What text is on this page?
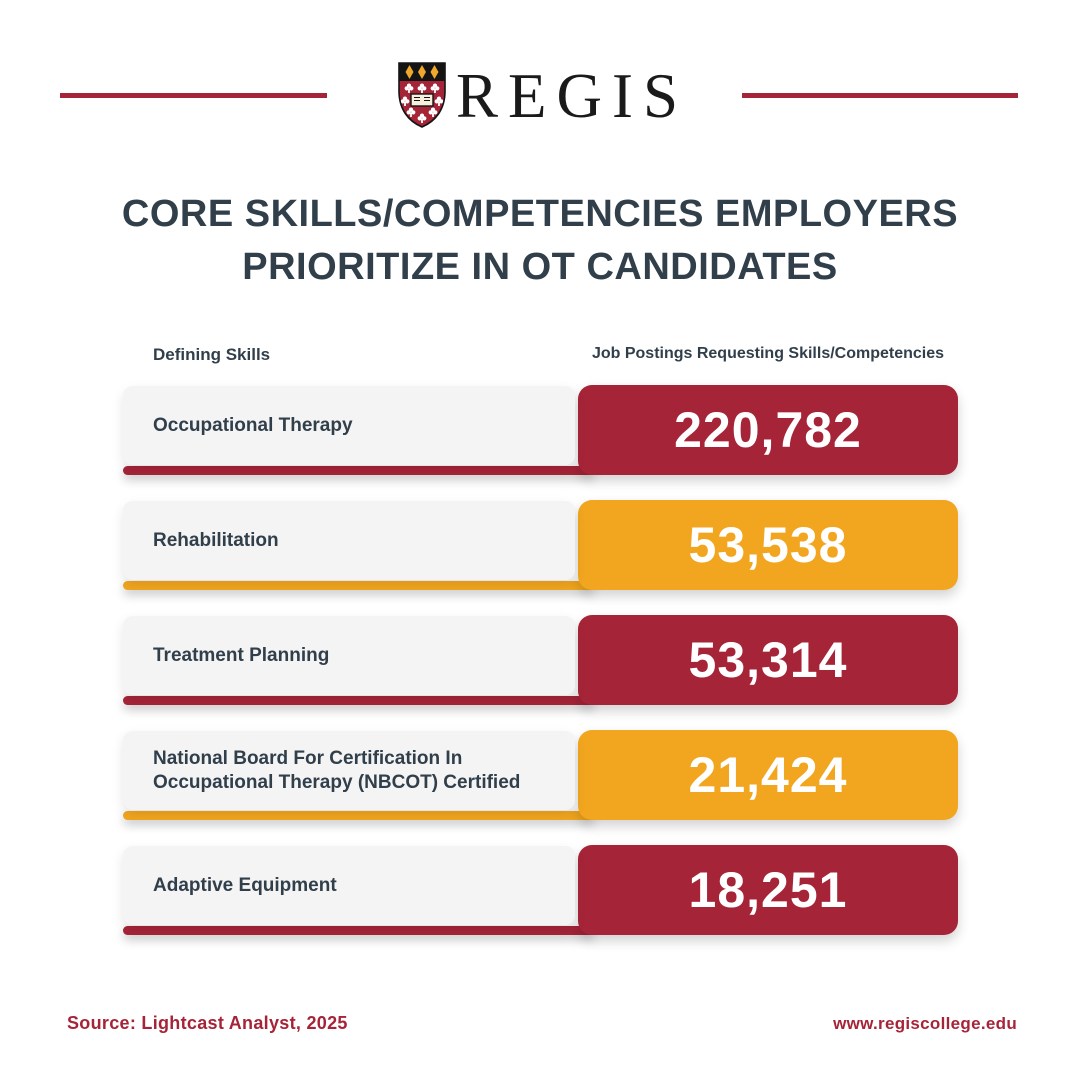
REGIS
CORE SKILLS/COMPETENCIES EMPLOYERS
PRIORITIZE IN OT CANDIDATES
Defining Skills	Job Postings Requesting Skills/Competencies
220,782
Occupational Therapy
53,538
Rehabilitation
53,314
Treatment Planning
21,424
National Board For Certification In Occupational Therapy (NBCOT) Certified
18,251
Adaptive Equipment
Source: Lightcast Analyst, 2025	www.regiscollege.edu
